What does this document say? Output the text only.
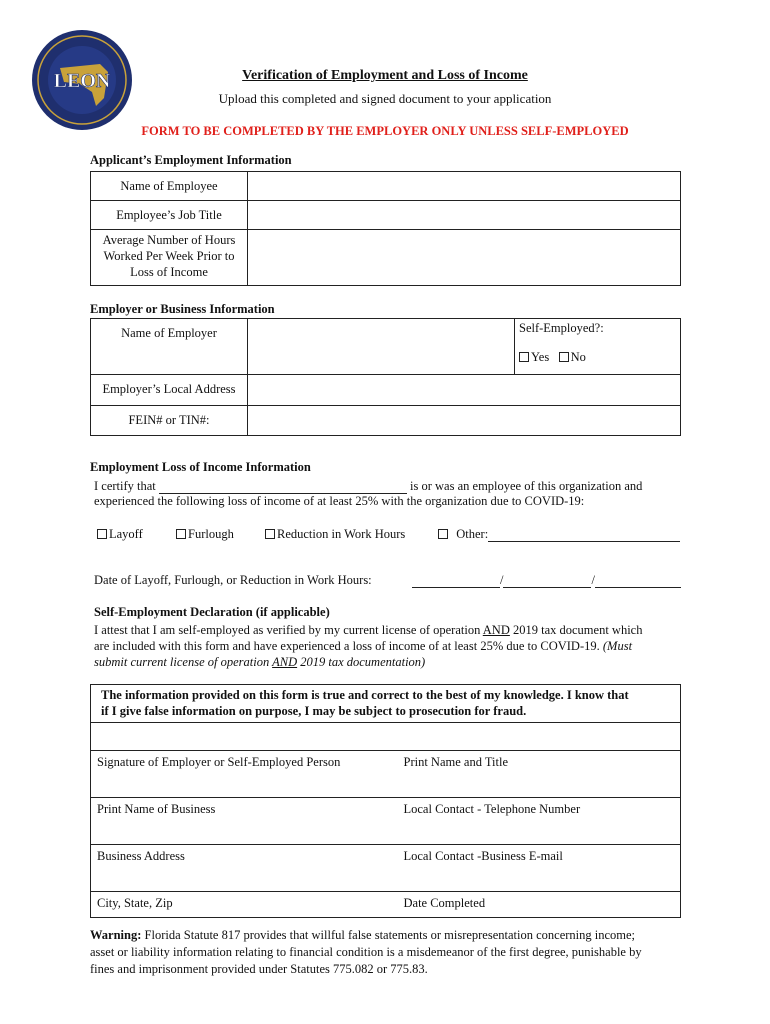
LEON	Verification of Employment and Loss of Income
Upload this completed and signed document to your application
FORM TO BE COMPLETED BY THE EMPLOYER ONLY UNLESS SELF-EMPLOYED
Applicant’s Employment Information
Name of Employee	
Employee’s Job Title	

Average Number of Hours
Worked Per Week Prior to
Loss of Income	

Employer or Business Information
Name of Employer		Self-Employed?:
Yes No

Employer’s Local Address		
FEIN# or TIN#:		
Employment Loss of Income Information
I certify that	is or was an employee of this organization and
experienced the following loss of income of at least 25% with the organization due to COVID-19:
Layoff	Furlough	Reduction in Work Hours	Other:
Date of Layoff, Furlough, or Reduction in Work Hours:	/	/
Self-Employment Declaration (if applicable)
I attest that I am self-employed as verified by my current license of operation AND 2019 tax document which
are included with this form and have experienced a loss of income of at least 25% due to COVID-19. (Must
submit current license of operation AND 2019 tax documentation)
The information provided on this form is true and correct to the best of my knowledge. I know that
if I give false information on purpose, I may be subject to prosecution for fraud.	

Signature of Employer or Self-Employed Person	Print Name and Title
Print Name of Business	Local Contact - Telephone Number
Business Address	Local Contact -Business E-mail
City, State, Zip	Date Completed
Warning: Florida Statute 817 provides that willful false statements or misrepresentation concerning income;
asset or liability information relating to financial condition is a misdemeanor of the first degree, punishable by
fines and imprisonment provided under Statutes 775.082 or 775.83.
